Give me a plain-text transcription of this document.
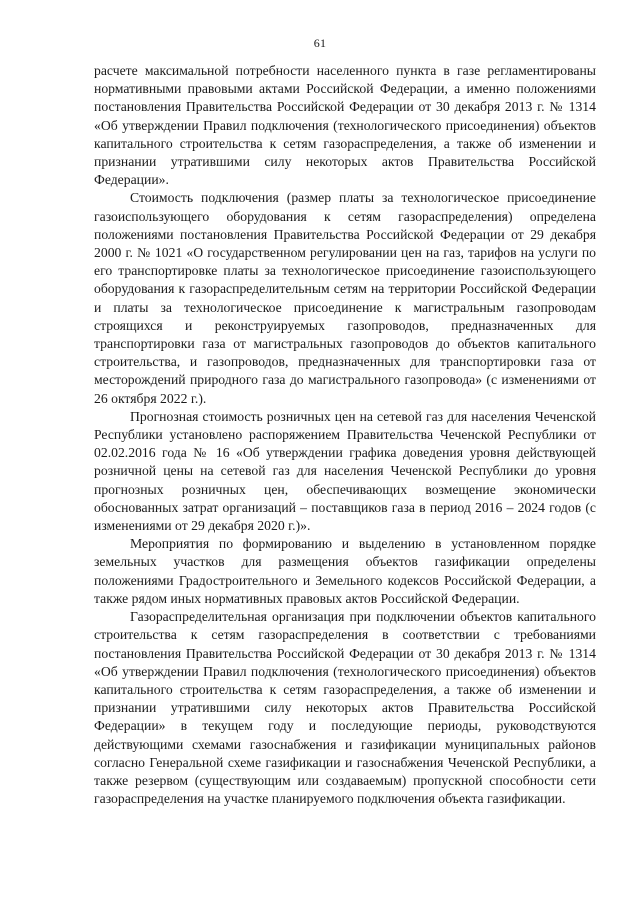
61

расчете максимальной потребности населенного пункта в газе регламентированы нормативными правовыми актами Российской Федерации, а именно положениями постановления Правительства Российской Федерации от 30 декабря 2013 г. № 1314 «Об утверждении Правил подключения (технологического присоединения) объектов капитального строительства к сетям газораспределения, а также об изменении и признании утратившими силу некоторых актов Правительства Российской Федерации».

Стоимость подключения (размер платы за технологическое присоединение газоиспользующего оборудования к сетям газораспределения) определена положениями постановления Правительства Российской Федерации от 29 декабря 2000 г. № 1021 «О государственном регулировании цен на газ, тарифов на услуги по его транспортировке платы за технологическое присоединение газоиспользующего оборудования к газораспределительным сетям на территории Российской Федерации и платы за технологическое присоединение к магистральным газопроводам строящихся и реконструируемых газопроводов, предназначенных для транспортировки газа от магистральных газопроводов до объектов капитального строительства, и газопроводов, предназначенных для транспортировки газа от месторождений природного газа до магистрального газопровода» (с изменениями от 26 октября 2022 г.).

Прогнозная стоимость розничных цен на сетевой газ для населения Чеченской Республики установлено распоряжением Правительства Чеченской Республики от 02.02.2016 года № 16 «Об утверждении графика доведения уровня действующей розничной цены на сетевой газ для населения Чеченской Республики до уровня прогнозных розничных цен, обеспечивающих возмещение экономически обоснованных затрат организаций – поставщиков газа в период 2016 – 2024 годов (с изменениями от 29 декабря 2020 г.)».

Мероприятия по формированию и выделению в установленном порядке земельных участков для размещения объектов газификации определены положениями Градостроительного и Земельного кодексов Российской Федерации, а также рядом иных нормативных правовых актов Российской Федерации.

Газораспределительная организация при подключении объектов капитального строительства к сетям газораспределения в соответствии с требованиями постановления Правительства Российской Федерации от 30 декабря 2013 г. № 1314 «Об утверждении Правил подключения (технологического присоединения) объектов капитального строительства к сетям газораспределения, а также об изменении и признании утратившими силу некоторых актов Правительства Российской Федерации» в текущем году и последующие периоды, руководствуются действующими схемами газоснабжения и газификации муниципальных районов согласно Генеральной схеме газификации и газоснабжения Чеченской Республики, а также резервом (существующим или создаваемым) пропускной способности сети газораспределения на участке планируемого подключения объекта газификации.
